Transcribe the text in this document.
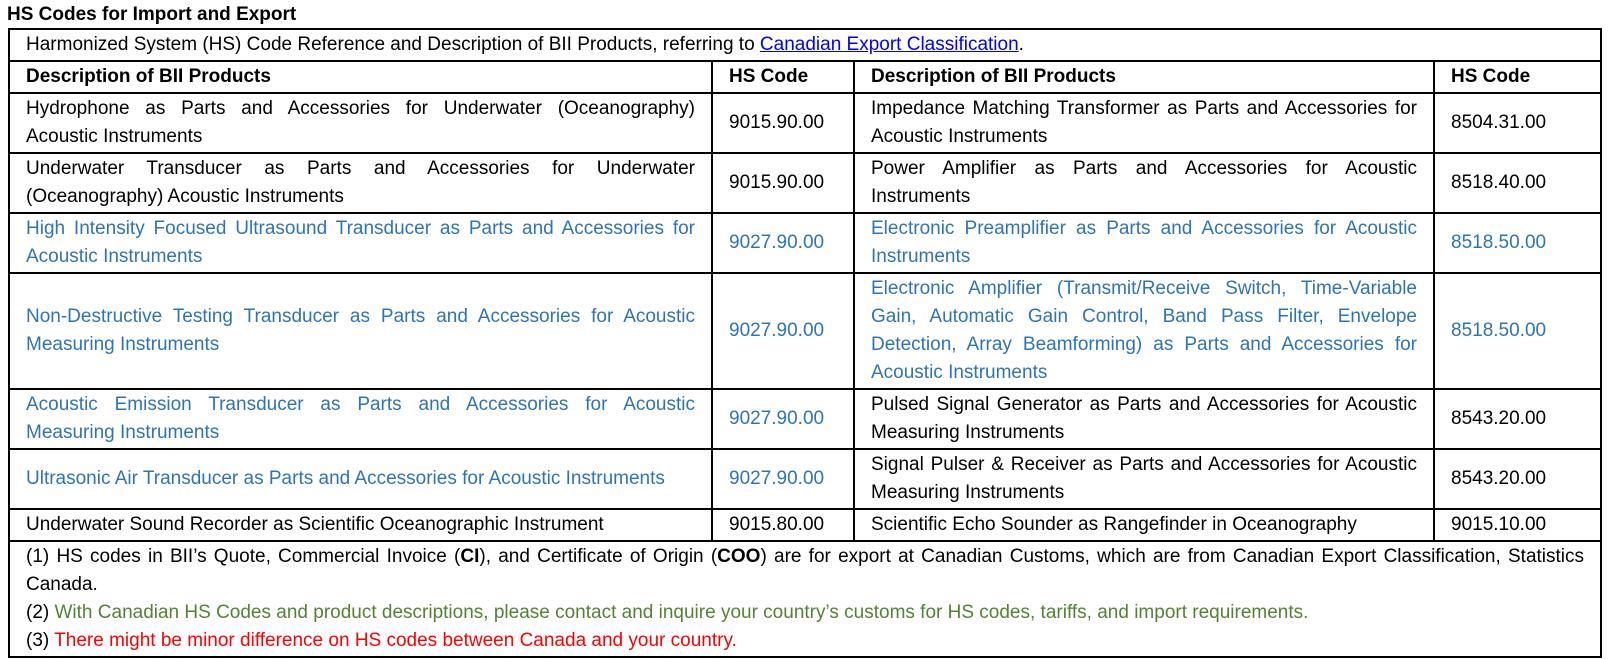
HS Codes for Import and Export
Harmonized System (HS) Code Reference and Description of BII Products, referring to Canadian Export Classification.			
Description of BII Products	HS Code	Description of BII Products	HS Code
Hydrophone as Parts and Accessories for Underwater (Oceanography) Acoustic Instruments	9015.90.00	Impedance Matching Transformer as Parts and Accessories for Acoustic Instruments	8504.31.00
Underwater Transducer as Parts and Accessories for Underwater (Oceanography) Acoustic Instruments	9015.90.00	Power Amplifier as Parts and Accessories for Acoustic Instruments	8518.40.00
High Intensity Focused Ultrasound Transducer as Parts and Accessories for Acoustic Instruments	9027.90.00	Electronic Preamplifier as Parts and Accessories for Acoustic Instruments	8518.50.00
Non-Destructive Testing Transducer as Parts and Accessories for Acoustic Measuring Instruments	9027.90.00	Electronic Amplifier (Transmit/Receive Switch, Time-Variable Gain, Automatic Gain Control, Band Pass Filter, Envelope Detection, Array Beamforming) as Parts and Accessories for Acoustic Instruments	8518.50.00
Acoustic Emission Transducer as Parts and Accessories for Acoustic Measuring Instruments	9027.90.00	Pulsed Signal Generator as Parts and Accessories for Acoustic Measuring Instruments	8543.20.00
Ultrasonic Air Transducer as Parts and Accessories for Acoustic Instruments	9027.90.00	Signal Pulser & Receiver as Parts and Accessories for Acoustic Measuring Instruments	8543.20.00
Underwater Sound Recorder as Scientific Oceanographic Instrument	9015.80.00	Scientific Echo Sounder as Rangefinder in Oceanography	9015.10.00

(1) HS codes in BII’s Quote, Commercial Invoice (CI), and Certificate of Origin (COO) are for export at Canadian Customs, which are from Canadian Export Classification, Statistics Canada.
(2) With Canadian HS Codes and product descriptions, please contact and inquire your country’s customs for HS codes, tariffs, and import requirements.
(3) There might be minor difference on HS codes between Canada and your country.			
